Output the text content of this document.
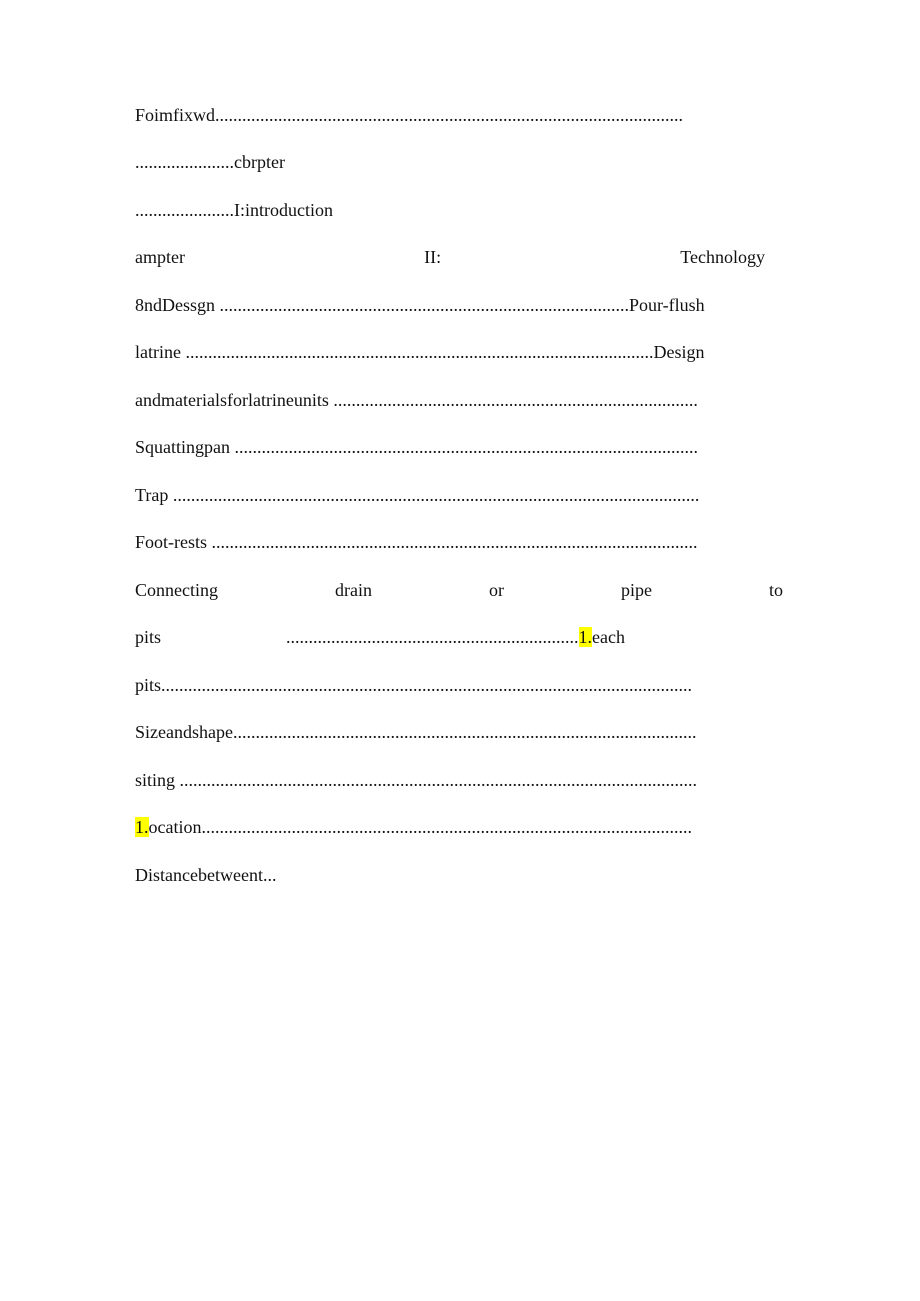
Foimfixwd........................................................................................................
......................cbrpter
......................I:introduction
ampter	II:	Technology
8ndDessgn ...........................................................................................Pour-flush
latrine ........................................................................................................Design
andmaterialsforlatrineunits .................................................................................
Squattingpan .......................................................................................................
Trap .....................................................................................................................
Foot-rests ............................................................................................................
Connecting	drain	or	pipe	to
pits	.................................................................1.each
pits......................................................................................................................
Sizeandshape.......................................................................................................
siting ...................................................................................................................
1.ocation.............................................................................................................
Distancebetweent...
